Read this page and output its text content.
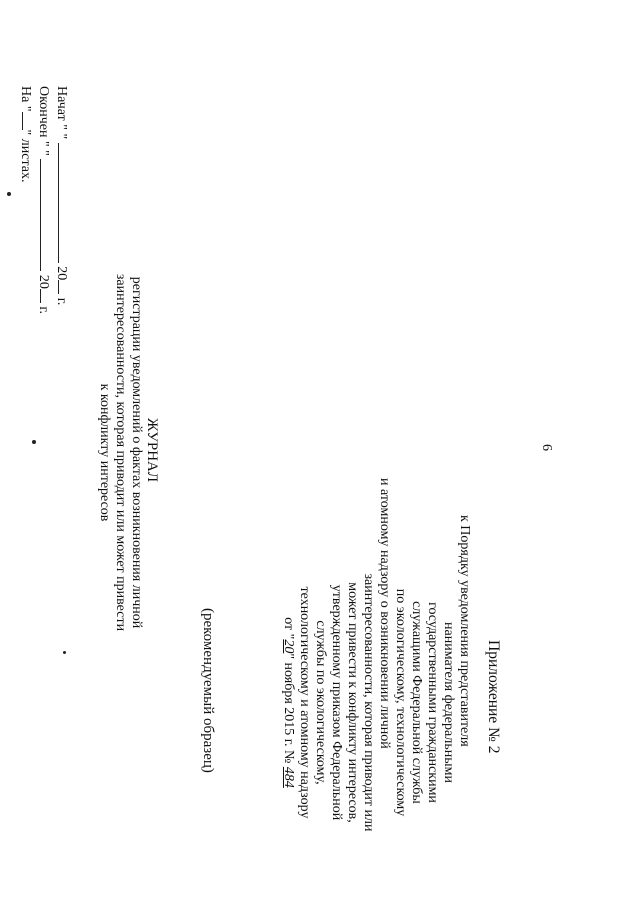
6
Приложение № 2
к Порядку уведомления представителя
нанимателя федеральными
государственными гражданскими
служащими Федеральной службы
по экологическому, технологическому
и атомному надзору о возникновении личной
заинтересованности, которая приводит или
может привести к конфликту интересов,
утвержденному приказом Федеральной
службы по экологическому,
технологическому и атомному надзору
от "20" ноября 2015 г. № 484
(рекомендуемый образец)
ЖУРНАЛ
регистрации уведомлений о фактах возникновения личной
заинтересованности, которая приводит или может привести
к конфликту интересов
Начат " "  20 г.
Окончен " "  20 г.
На "" листах.
